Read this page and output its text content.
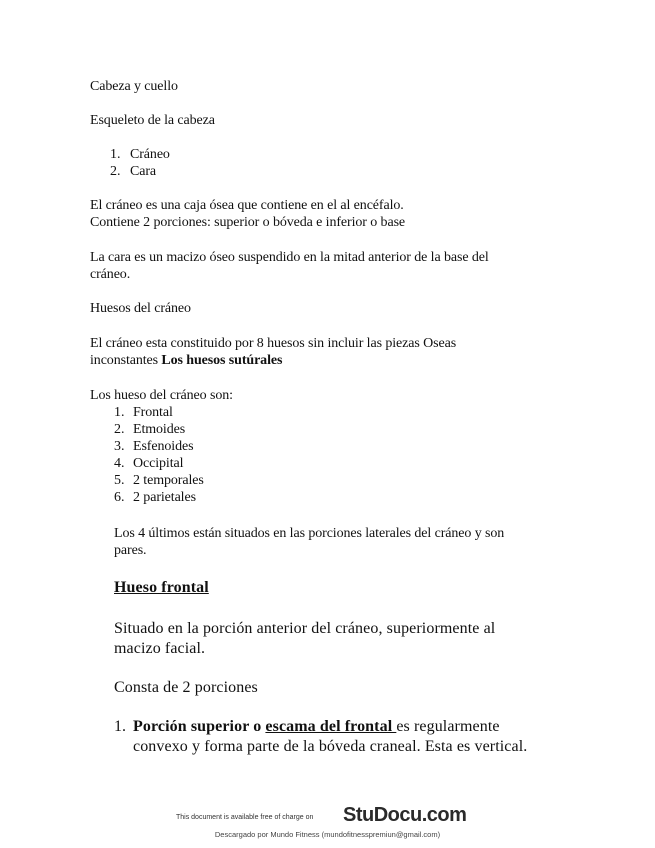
Cabeza y cuello
Esqueleto de la cabeza
1. Cráneo
2. Cara
El cráneo es una caja ósea que contiene en el al encéfalo.
Contiene 2 porciones: superior o bóveda e inferior o base
La cara es un macizo óseo suspendido en la mitad anterior de la base del
cráneo.
Huesos del cráneo
El cráneo esta constituido por 8 huesos sin incluir las piezas Oseas
inconstantes Los huesos sutúrales
Los hueso del cráneo son:
1. Frontal
2. Etmoides
3. Esfenoides
4. Occipital
5. 2 temporales
6. 2 parietales
Los 4 últimos están situados en las porciones laterales del cráneo y son
pares.
Hueso frontal
Situado en la porción anterior del cráneo, superiormente al
macizo facial.
Consta de 2 porciones
1. Porción superior o escama del frontal es regularmente
convexo y forma parte de la bóveda craneal. Esta es vertical.
This document is available free of charge on StuDocu.com
Descargado por Mundo Fitness (mundofitnesspremiun@gmail.com)
